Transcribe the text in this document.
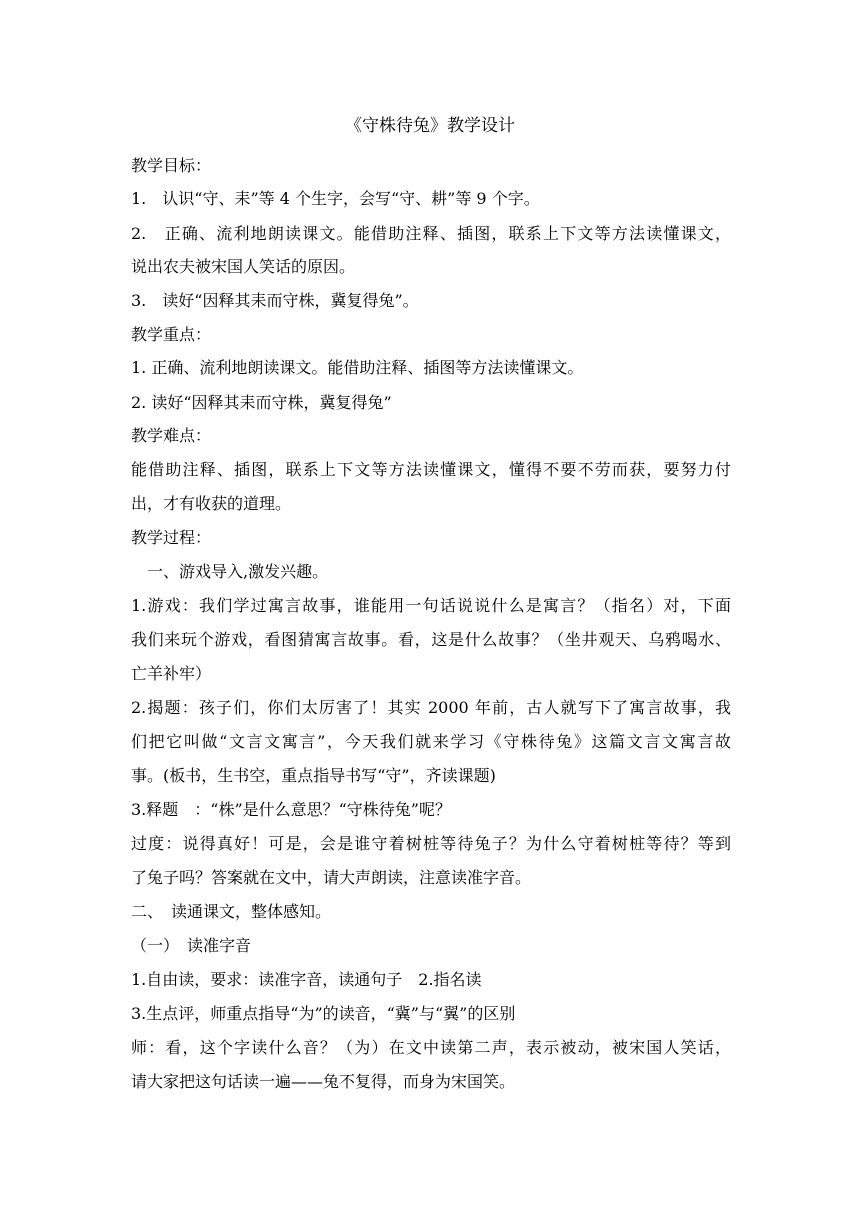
《守株待兔》教学设计
教学目标：
1.　认识“守、耒”等 4 个生字，会写“守、耕”等 9 个字。
2.　正确、流利地朗读课文。能借助注释、插图，联系上下文等方法读懂课文，
说出农夫被宋国人笑话的原因。
3.　读好“因释其耒而守株，冀复得兔”。
教学重点：
1. 正确、流利地朗读课文。能借助注释、插图等方法读懂课文。
2. 读好“因释其耒而守株，冀复得兔”
教学难点：
能借助注释、插图，联系上下文等方法读懂课文，懂得不要不劳而获，要努力付
出，才有收获的道理。
教学过程：
一、游戏导入,激发兴趣。
1.游戏：我们学过寓言故事，谁能用一句话说说什么是寓言？（指名）对，下面
我们来玩个游戏，看图猜寓言故事。看，这是什么故事？（坐井观天、乌鸦喝水、
亡羊补牢）
2.揭题：孩子们，你们太厉害了！其实 2000 年前，古人就写下了寓言故事，我
们把它叫做“文言文寓言”，今天我们就来学习《守株待兔》这篇文言文寓言故
事。(板书，生书空，重点指导书写“守”，齐读课题)
3.释题　：“株”是什么意思？“守株待兔”呢？
过度：说得真好！可是，会是谁守着树桩等待兔子？为什么守着树桩等待？等到
了兔子吗？答案就在文中，请大声朗读，注意读准字音。
二、　读通课文，整体感知。
（一）　读准字音
1.自由读，要求：读准字音，读通句子　2.指名读
3.生点评，师重点指导“为”的读音，“冀”与“翼”的区别
师：看，这个字读什么音？（为）在文中读第二声，表示被动，被宋国人笑话，
请大家把这句话读一遍——兔不复得，而身为宋国笑。
